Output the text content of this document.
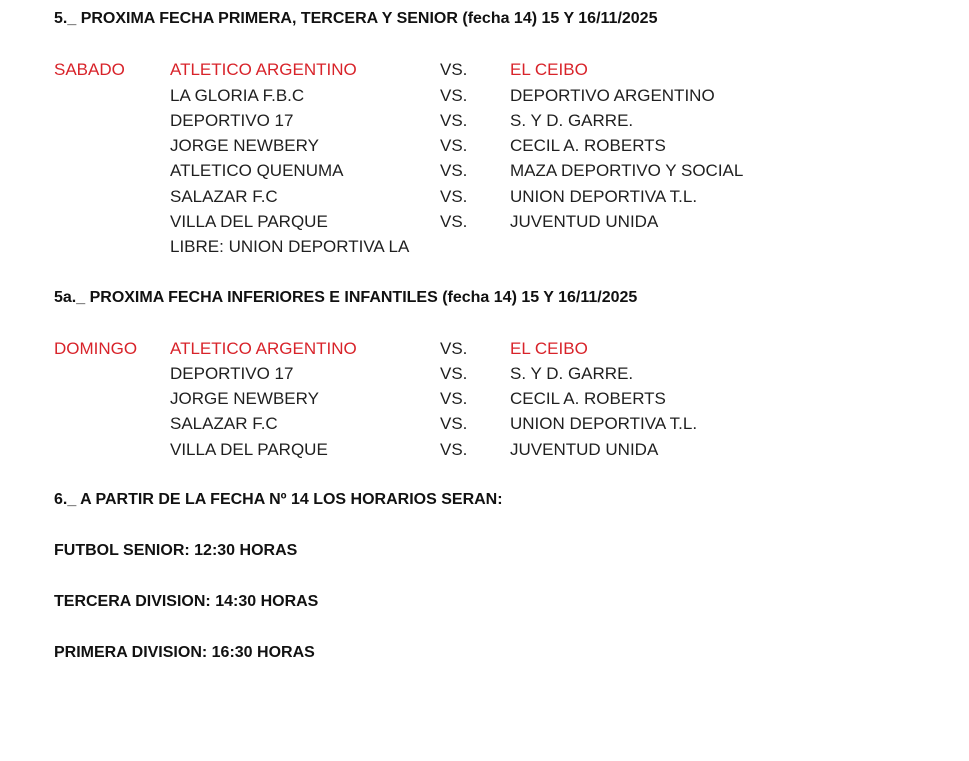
5._ PROXIMA FECHA PRIMERA, TERCERA Y SENIOR (fecha 14) 15 Y 16/11/2025
SABADO	ATLETICO ARGENTINO	VS.	EL CEIBO
LA GLORIA F.B.C	VS.	DEPORTIVO ARGENTINO
DEPORTIVO 17	VS.	S. Y D. GARRE.
JORGE NEWBERY	VS.	CECIL A. ROBERTS
ATLETICO QUENUMA	VS.	MAZA DEPORTIVO Y SOCIAL
SALAZAR F.C	VS.	UNION DEPORTIVA T.L.
VILLA DEL PARQUE	VS.	JUVENTUD UNIDA
LIBRE: UNION DEPORTIVA LA
5a._ PROXIMA FECHA INFERIORES E INFANTILES (fecha 14) 15 Y 16/11/2025
DOMINGO ATLETICO ARGENTINO	VS.	EL CEIBO
DEPORTIVO 17	VS.	S. Y D. GARRE.
JORGE NEWBERY	VS.	CECIL A. ROBERTS
SALAZAR F.C	VS.	UNION DEPORTIVA T.L.
VILLA DEL PARQUE	VS.	JUVENTUD UNIDA
6._ A PARTIR DE LA FECHA Nº 14 LOS HORARIOS SERAN:
FUTBOL SENIOR: 12:30 HORAS
TERCERA DIVISION: 14:30 HORAS
PRIMERA DIVISION: 16:30 HORAS
